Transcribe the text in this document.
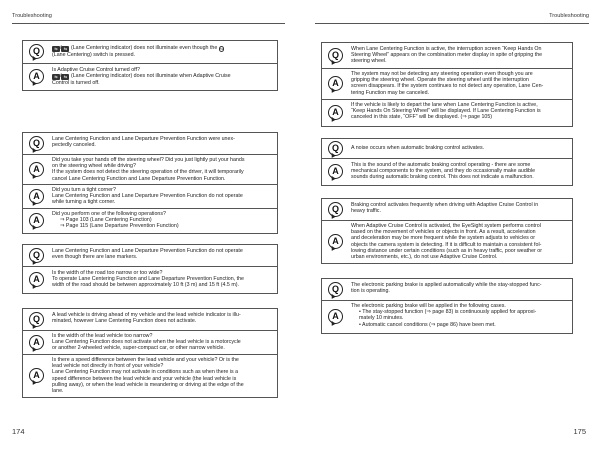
Troubleshooting
Q	⇆ ⇆ (Lane Centering indicator) does not illuminate even though the ⇆

(Lane Centering) switch is pressed.

A

Is Adaptive Cruise Control turned off?

⇆ ⇆ (Lane Centering indicator) does not illuminate when Adaptive Cruise

Control is turned off.

Q	Lane Centering Function and Lane Departure Prevention Function were unex-

pectedly canceled.

A

Did you take your hands off the steering wheel? Did you just lightly put your hands

on the steering wheel while driving?

If the system does not detect the steering operation of the driver, it will temporarily

cancel Lane Centering Function and Lane Departure Prevention Function.

A

Did you turn a tight corner?

Lane Centering Function and Lane Departure Prevention Function do not operate

while turning a tight corner.

A

Did you perform one of the following operations?

⇒ Page 103 (Lane Centering Function)

⇒ Page 115 (Lane Departure Prevention Function)

Q	Lane Centering Function and Lane Departure Prevention Function do not operate

even though there are lane markers.

A

Is the width of the road too narrow or too wide?

To operate Lane Centering Function and Lane Departure Prevention Function, the

width of the road should be between approximately 10 ft (3 m) and 15 ft (4.5 m).

Q	A lead vehicle is driving ahead of my vehicle and the lead vehicle indicator is illu-

minated, however Lane Centering Function does not activate.

A

Is the width of the lead vehicle too narrow?

Lane Centering Function does not activate when the lead vehicle is a motorcycle

or another 2-wheeled vehicle, super-compact car, or other narrow vehicle.

A

Is there a speed difference between the lead vehicle and your vehicle? Or is the

lead vehicle not directly in front of your vehicle?

Lane Centering Function may not activate in conditions such as when there is a

speed difference between the lead vehicle and your vehicle (the lead vehicle is

pulling away), or when the lead vehicle is meandering or driving at the edge of the

lane.

174
Troubleshooting
Q

When Lane Centering Function is active, the interruption screen “Keep Hands On

Steering Wheel” appears on the combination meter display in spite of gripping the

steering wheel.

A

The system may not be detecting any steering operation even though you are

gripping the steering wheel. Operate the steering wheel until the interruption

screen disappears. If the system continues to not detect any operation, Lane Cen-

tering Function may be canceled.

A

If the vehicle is likely to depart the lane when Lane Centering Function is active,

“Keep Hands On Steering Wheel” will be displayed. If Lane Centering Function is

canceled in this state, “OFF” will be displayed. (⇒ page 105)

Q	A noise occurs when automatic braking control activates.

A

This is the sound of the automatic braking control operating - there are some

mechanical components to the system, and they do occasionally make audible

sounds during automatic braking control. This does not indicate a malfunction.

Q	Braking control activates frequently when driving with Adaptive Cruise Control in

heavy traffic.

A

When Adaptive Cruise Control is activated, the EyeSight system performs control

based on the movement of vehicles or objects in front. As a result, acceleration

and deceleration may be more frequent while the system adjusts to vehicles or

objects the camera system is detecting. If it is difficult to maintain a consistent fol-

lowing distance under certain conditions (such as in heavy traffic, poor weather or

urban environments, etc.), do not use Adaptive Cruise Control.

Q	The electronic parking brake is applied automatically while the stay-stopped func-

tion is operating.

A

The electronic parking brake will be applied in the following cases.

• The stay-stopped function (⇒ page 83) is continuously applied for approxi-

mately 10 minutes.

• Automatic cancel conditions (⇒ page 86) have been met.

175
